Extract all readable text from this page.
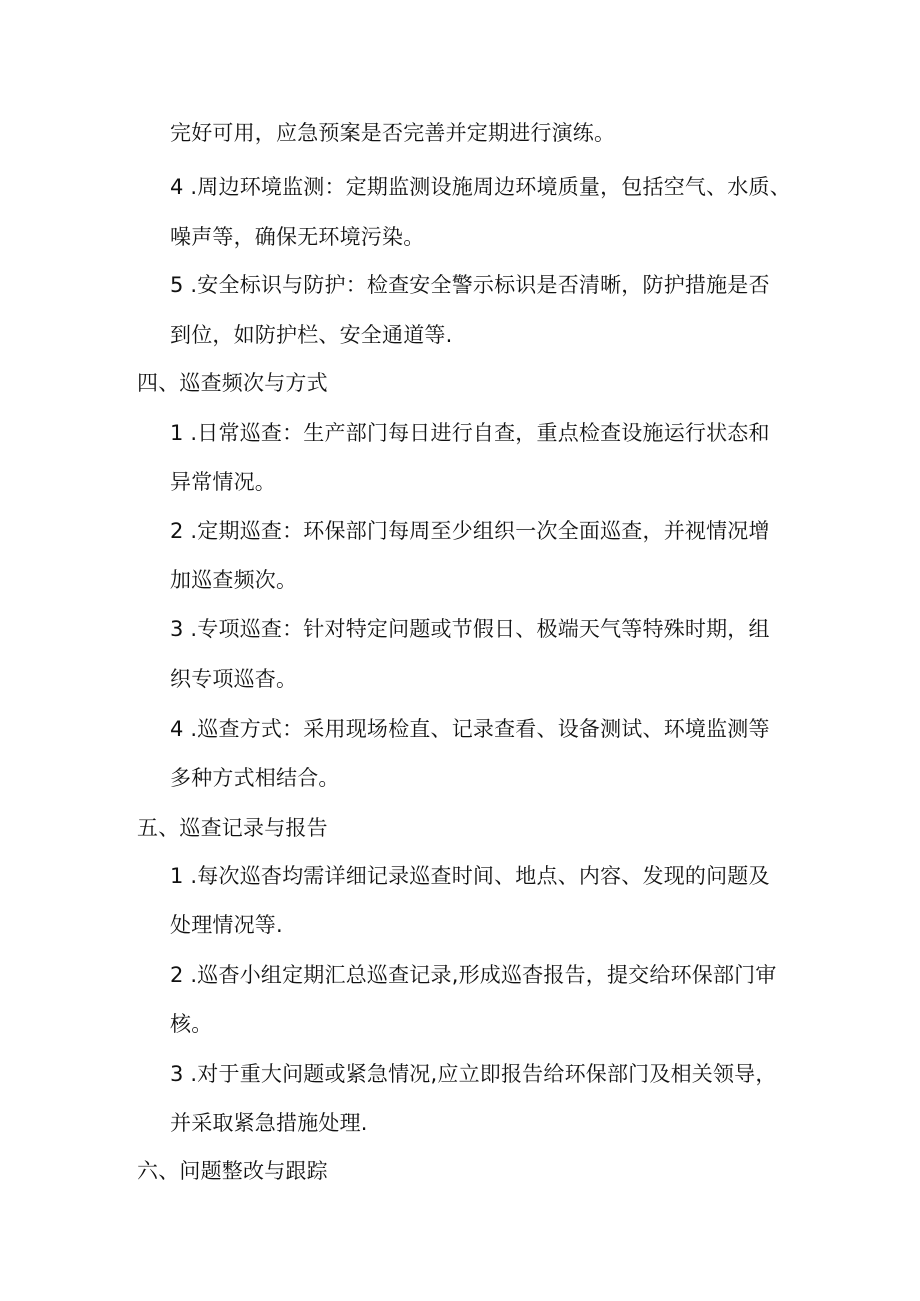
完好可用，应急预案是否完善并定期进行演练。
4 .周边环境监测：定期监测设施周边环境质量，包括空气、水质、
噪声等，确保无环境污染。
5 .安全标识与防护：检查安全警示标识是否清晰，防护措施是否
到位，如防护栏、安全通道等.
四、巡查频次与方式
1 .日常巡查：生产部门每日进行自查，重点检查设施运行状态和
异常情况。
2 .定期巡查：环保部门每周至少组织一次全面巡查，并视情况增
加巡查频次。
3 .专项巡查：针对特定问题或节假日、极端天气等特殊时期，组
织专项巡杳。
4 .巡查方式：采用现场检直、记录查看、设备测试、环境监测等
多种方式相结合。
五、巡查记录与报告
1 .每次巡杳均需详细记录巡查时间、地点、内容、发现的问题及
处理情况等.
2 .巡杳小组定期汇总巡查记录,形成巡杳报告，提交给环保部门审
核。
3 .对于重大问题或紧急情况,应立即报告给环保部门及相关领导，
并采取紧急措施处理.
六、问题整改与跟踪
